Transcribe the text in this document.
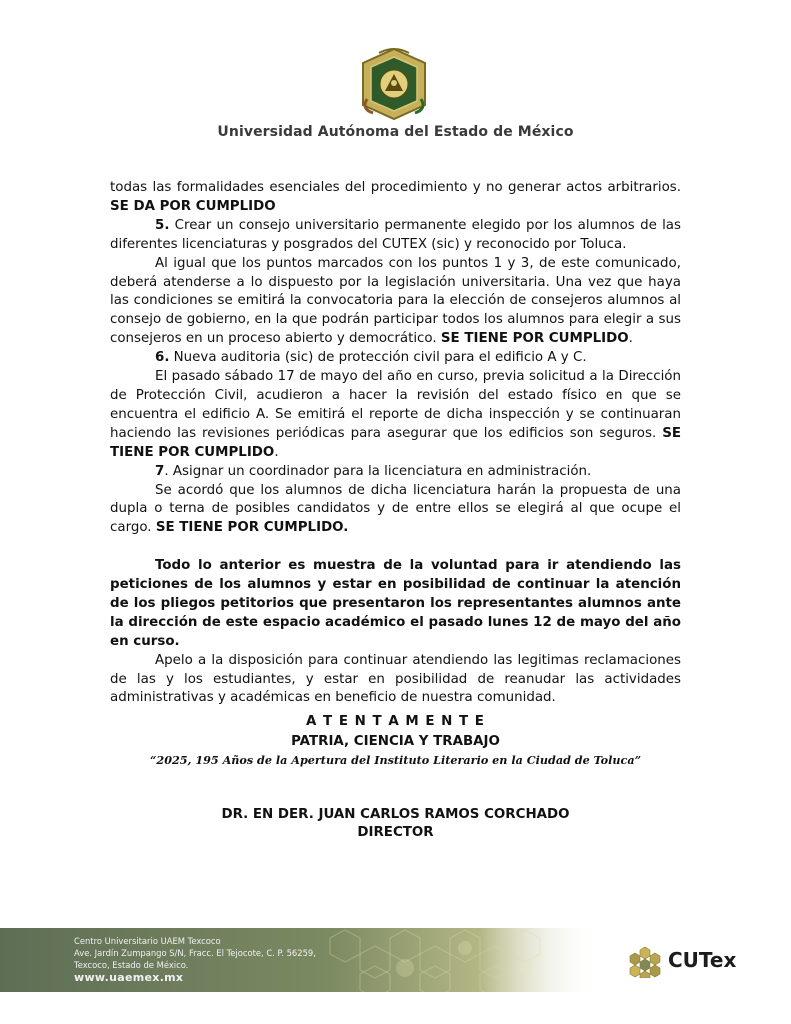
Universidad Autónoma del Estado de México

todas las formalidades esenciales del procedimiento y no generar actos arbitrarios. SE DA POR CUMPLIDO

5. Crear un consejo universitario permanente elegido por los alumnos de las diferentes licenciaturas y posgrados del CUTEX (sic) y reconocido por Toluca.

Al igual que los puntos marcados con los puntos 1 y 3, de este comunicado, deberá atenderse a lo dispuesto por la legislación universitaria. Una vez que haya las condiciones se emitirá la convocatoria para la elección de consejeros alumnos al consejo de gobierno, en la que podrán participar todos los alumnos para elegir a sus consejeros en un proceso abierto y democrático. SE TIENE POR CUMPLIDO.

6. Nueva auditoria (sic) de protección civil para el edificio A y C.

El pasado sábado 17 de mayo del año en curso, previa solicitud a la Dirección de Protección Civil, acudieron a hacer la revisión del estado físico en que se encuentra el edificio A. Se emitirá el reporte de dicha inspección y se continuaran haciendo las revisiones periódicas para asegurar que los edificios son seguros. SE TIENE POR CUMPLIDO.

7. Asignar un coordinador para la licenciatura en administración.

Se acordó que los alumnos de dicha licenciatura harán la propuesta de una dupla o terna de posibles candidatos y de entre ellos se elegirá al que ocupe el cargo. SE TIENE POR CUMPLIDO.

Todo lo anterior es muestra de la voluntad para ir atendiendo las peticiones de los alumnos y estar en posibilidad de continuar la atención de los pliegos petitorios que presentaron los representantes alumnos ante la dirección de este espacio académico el pasado lunes 12 de mayo del año en curso.

Apelo a la disposición para continuar atendiendo las legitimas reclamaciones de las y los estudiantes, y estar en posibilidad de reanudar las actividades administrativas y académicas en beneficio de nuestra comunidad.

A T E N T A M E N T E
PATRIA, CIENCIA Y TRABAJO
“2025, 195 Años de la Apertura del Instituto Literario en la Ciudad de Toluca”
DR. EN DER. JUAN CARLOS RAMOS CORCHADO
DIRECTOR
Centro Universitario UAEM Texcoco
Ave. Jardín Zumpango S/N, Fracc. El Tejocote, C. P. 56259,
Texcoco, Estado de México.
www.uaemex.mx
CUTex
